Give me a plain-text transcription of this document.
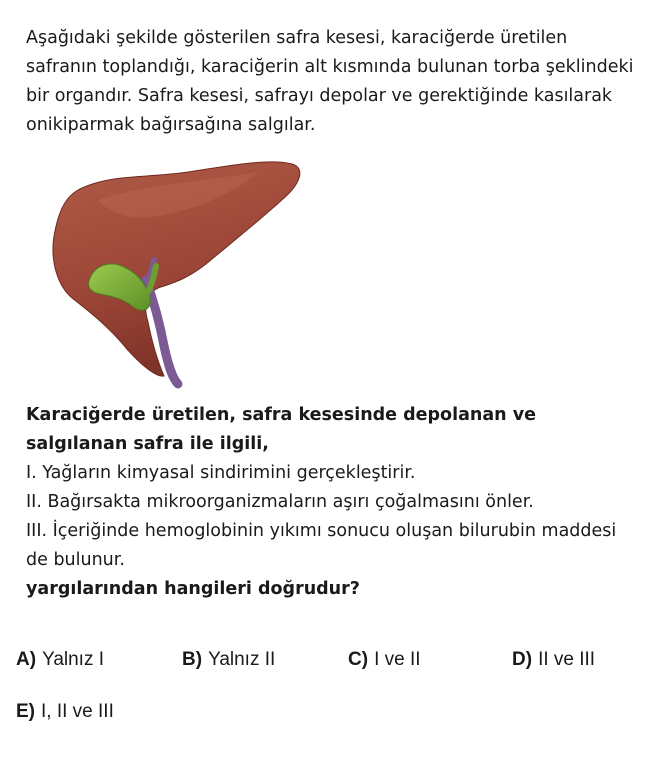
Aşağıdaki şekilde gösterilen safra kesesi, karaciğerde üretilen safranın toplandığı, karaciğerin alt kısmında bulunan torba şeklindeki bir organdır. Safra kesesi, safrayı depolar ve gerektiğinde kasılarak onikiparmak bağırsağına salgılar.

Karaciğerde üretilen, safra kesesinde depolanan ve salgılanan safra ile ilgili,

I. Yağların kimyasal sindirimini gerçekleştirir.

II. Bağırsakta mikroorganizmaların aşırı çoğalmasını önler.

III. İçeriğinde hemoglobinin yıkımı sonucu oluşan bilurubin maddesi de bulunur.

yargılarından hangileri doğrudur?

A) Yalnız I	B) Yalnız II	C) I ve II	D) II ve III
E) I, II ve III
